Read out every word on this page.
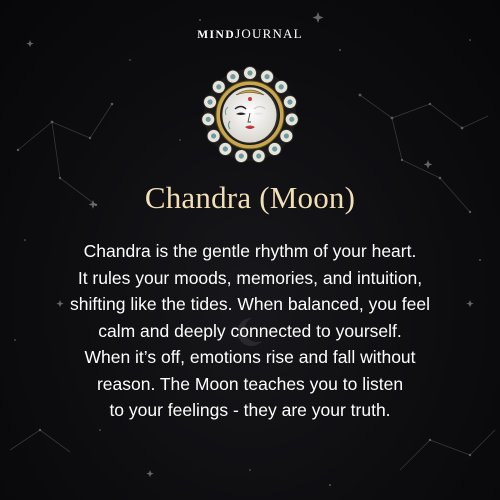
MINDJOURNAL
Chandra (Moon)
Chandra is the gentle rhythm of your heart.
It rules your moods, memories, and intuition,
shifting like the tides. When balanced, you feel
calm and deeply connected to yourself.
When it’s off, emotions rise and fall without
reason. The Moon teaches you to listen
to your feelings - they are your truth.
